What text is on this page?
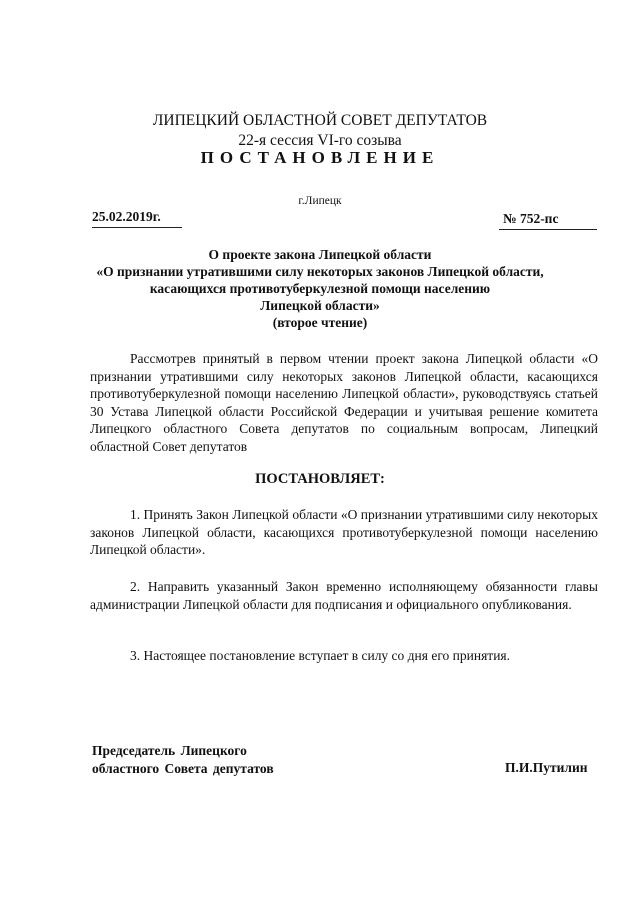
ЛИПЕЦКИЙ ОБЛАСТНОЙ СОВЕТ ДЕПУТАТОВ
22-я сессия VI-го созыва
ПОСТАНОВЛЕНИЕ
г.Липецк
25.02.2019г.	№ 752-пс
О проекте закона Липецкой области
«О признании утратившими силу некоторых законов Липецкой области,
касающихся противотуберкулезной помощи населению
Липецкой области»
(второе чтение)
Рассмотрев принятый в первом чтении проект закона Липецкой области «О признании утратившими силу некоторых законов Липецкой области, касающихся противотуберкулезной помощи населению Липецкой области», руководствуясь статьей 30 Устава Липецкой области Российской Федерации и учитывая решение комитета Липецкого областного Совета депутатов по социальным вопросам, Липецкий областной Совет депутатов
ПОСТАНОВЛЯЕТ:
1. Принять Закон Липецкой области «О признании утратившими силу некоторых законов Липецкой области, касающихся противотуберкулезной помощи населению Липецкой области».
2. Направить указанный Закон временно исполняющему обязанности главы администрации Липецкой области для подписания и официального опубликования.
3. Настоящее постановление вступает в силу со дня его принятия.
Председатель Липецкого
областного Совета депутатов	П.И.Путилин
